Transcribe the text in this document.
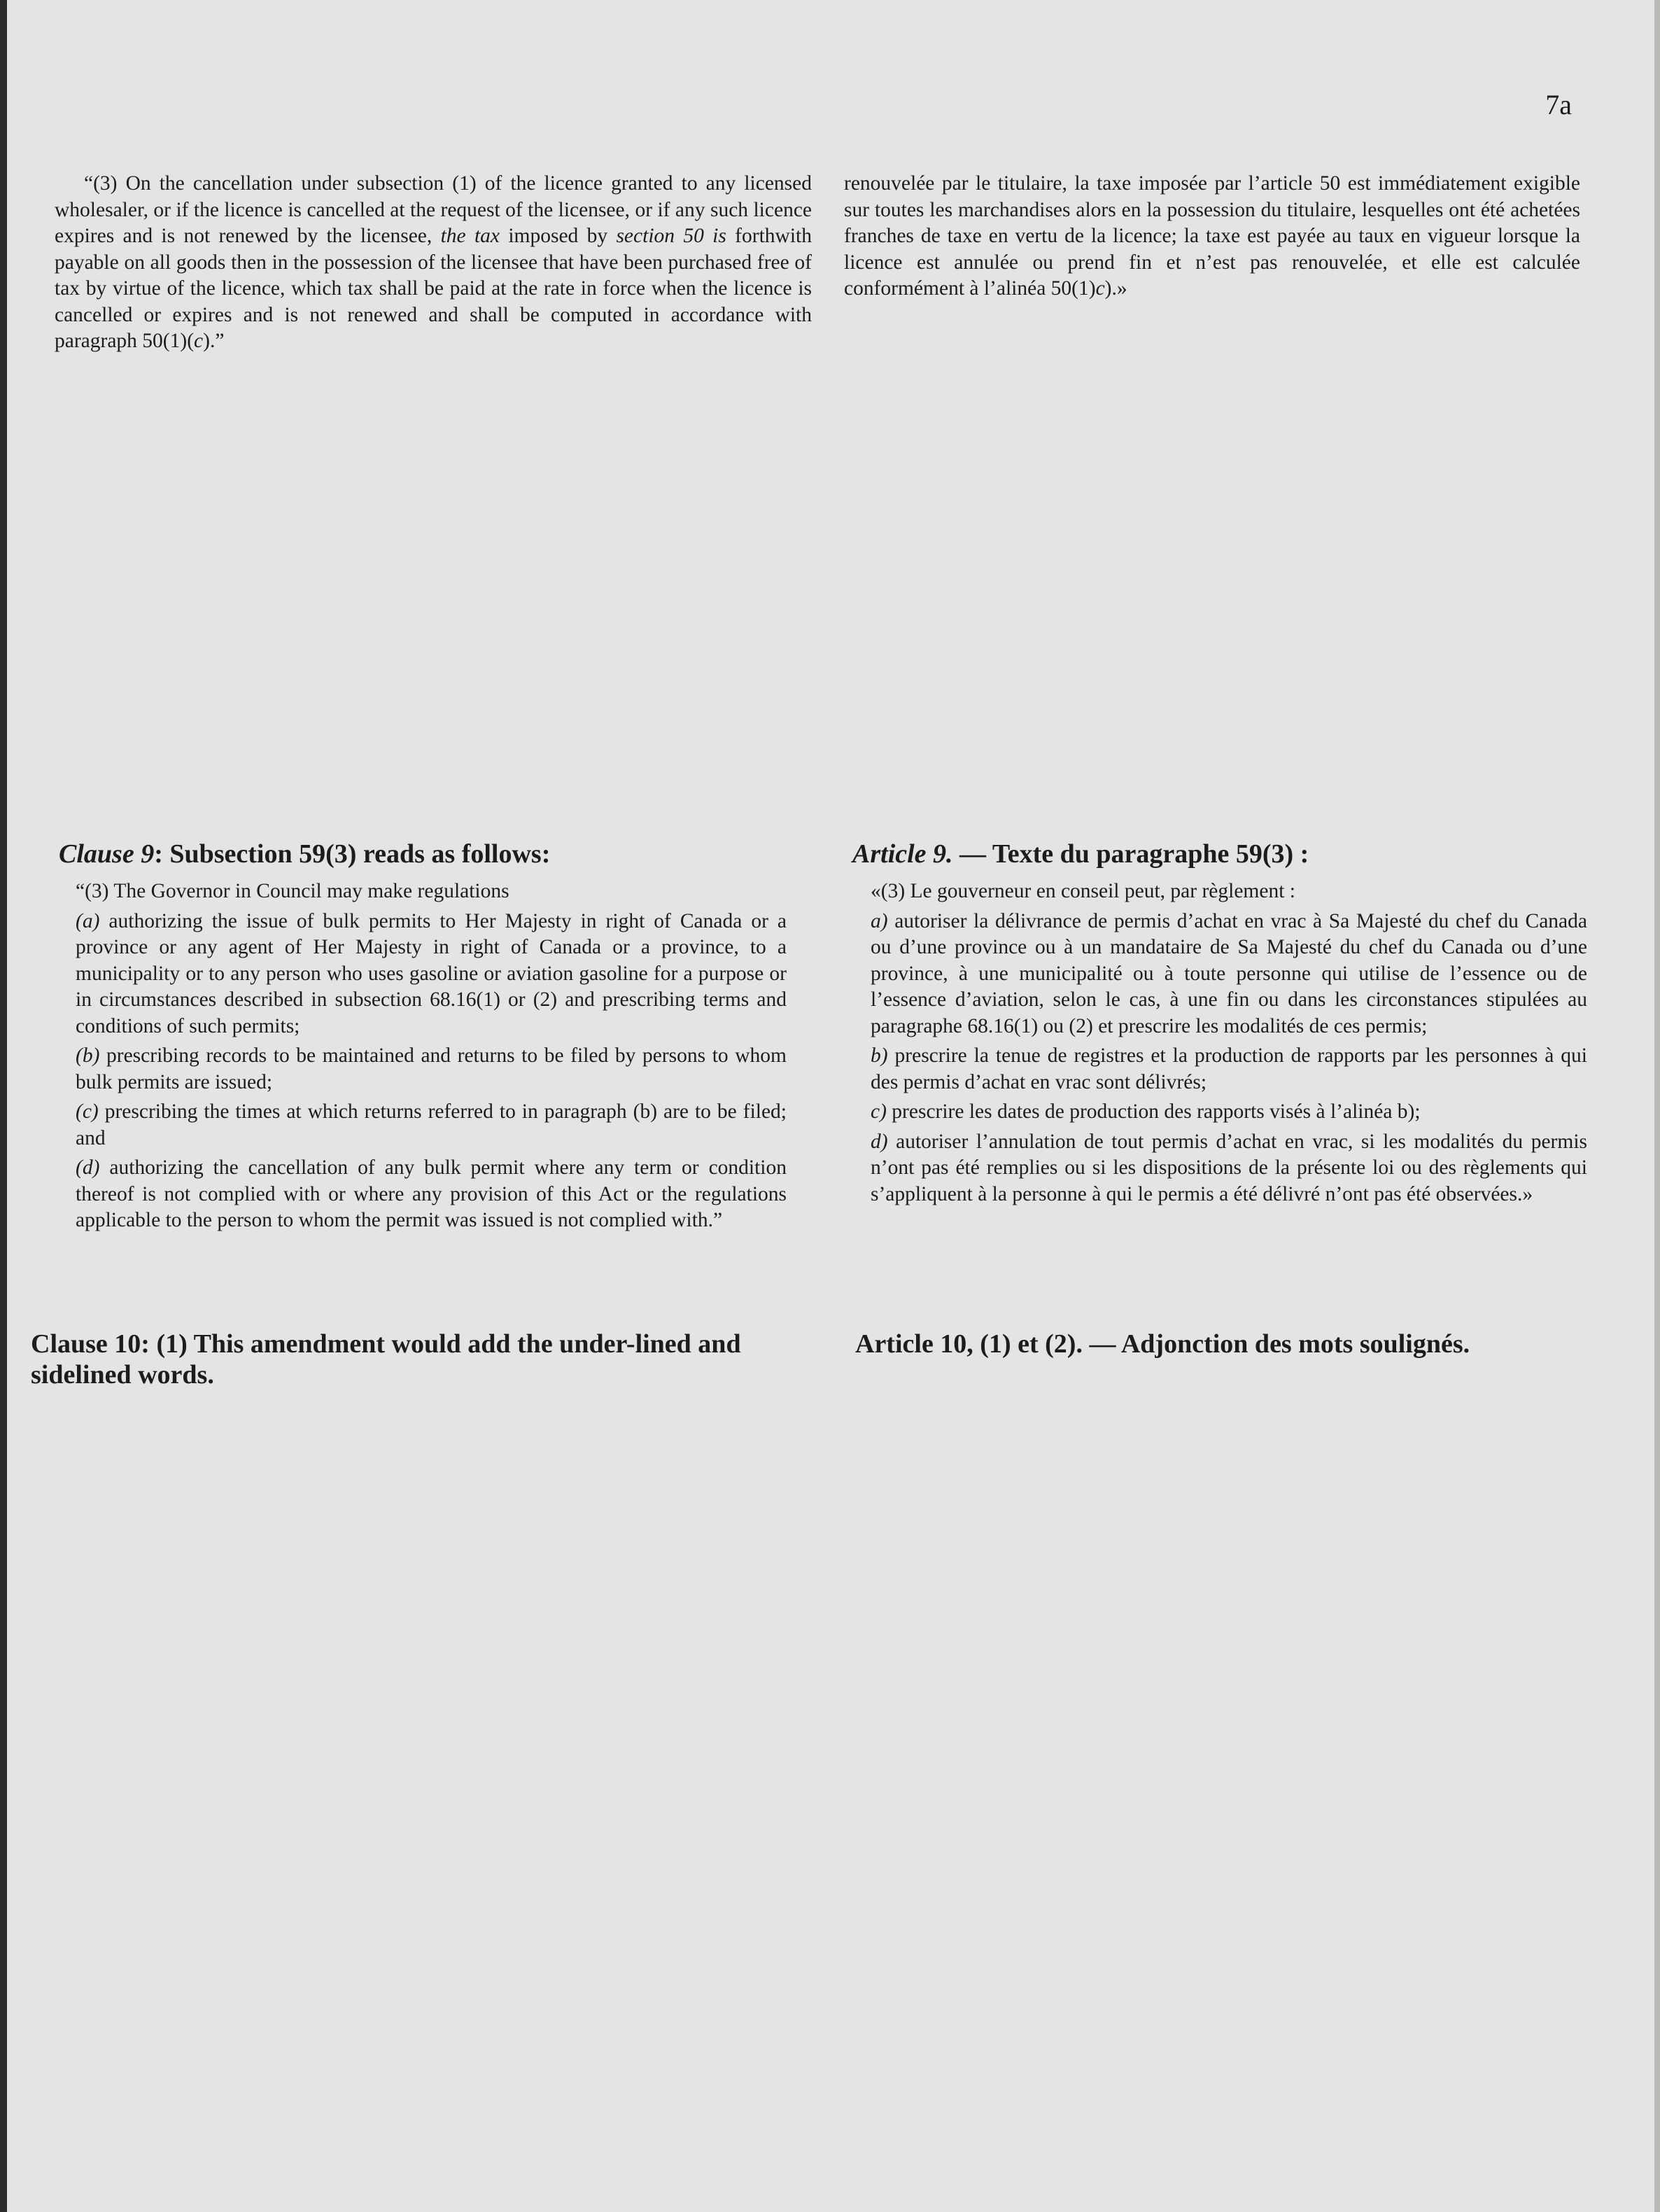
7a

“(3) On the cancellation under subsection (1) of the licence granted to any licensed wholesaler, or if the licence is cancelled at the request of the licensee, or if any such licence expires and is not renewed by the licensee, the tax imposed by section 50 is forthwith payable on all goods then in the possession of the licensee that have been purchased free of tax by virtue of the licence, which tax shall be paid at the rate in force when the licence is cancelled or expires and is not renewed and shall be computed in accordance with paragraph 50(1)(c).”

Clause 9: Subsection 59(3) reads as follows:

“(3) The Governor in Council may make regulations

(a) authorizing the issue of bulk permits to Her Majesty in right of Canada or a province or any agent of Her Majesty in right of Canada or a province, to a municipality or to any person who uses gasoline or aviation gasoline for a purpose or in circumstances described in subsection 68.16(1) or (2) and prescribing terms and conditions of such permits;

(b) prescribing records to be maintained and returns to be filed by persons to whom bulk permits are issued;

(c) prescribing the times at which returns referred to in paragraph (b) are to be filed; and

(d) authorizing the cancellation of any bulk permit where any term or condition thereof is not complied with or where any provision of this Act or the regulations applicable to the person to whom the permit was issued is not complied with.”

Clause 10: (1) This amendment would add the under-lined and sidelined words.

renouvelée par le titulaire, la taxe imposée par l’article 50 est immédiatement exigible sur toutes les marchandises alors en la possession du titulaire, lesquelles ont été achetées franches de taxe en vertu de la licence; la taxe est payée au taux en vigueur lorsque la licence est annulée ou prend fin et n’est pas renouvelée, et elle est calculée conformément à l’alinéa 50(1)c).»

Article 9. — Texte du paragraphe 59(3) :

«(3) Le gouverneur en conseil peut, par règlement :

a) autoriser la délivrance de permis d’achat en vrac à Sa Majesté du chef du Canada ou d’une province ou à un mandataire de Sa Majesté du chef du Canada ou d’une province, à une municipalité ou à toute personne qui utilise de l’essence ou de l’essence d’aviation, selon le cas, à une fin ou dans les circonstances stipulées au paragraphe 68.16(1) ou (2) et prescrire les modalités de ces permis;

b) prescrire la tenue de registres et la production de rapports par les personnes à qui des permis d’achat en vrac sont délivrés;

c) prescrire les dates de production des rapports visés à l’alinéa b);

d) autoriser l’annulation de tout permis d’achat en vrac, si les modalités du permis n’ont pas été remplies ou si les dispositions de la présente loi ou des règlements qui s’appliquent à la personne à qui le permis a été délivré n’ont pas été observées.»

Article 10, (1) et (2). — Adjonction des mots soulignés.
